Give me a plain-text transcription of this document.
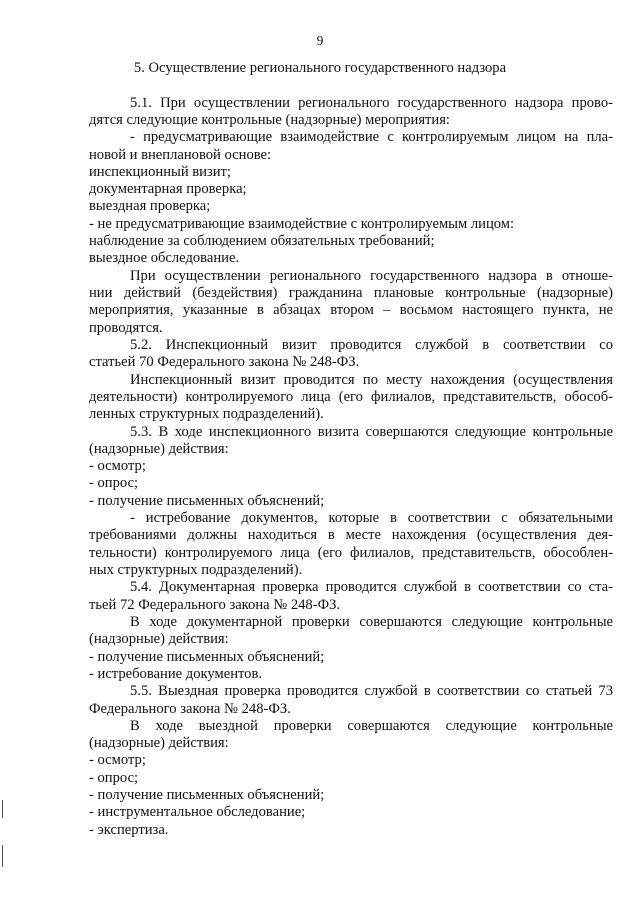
9
5. Осуществление регионального государственного надзора

5.1. При осуществлении регионального государственного надзора прово-

дятся следующие контрольные (надзорные) мероприятия:

- предусматривающие взаимодействие с контролируемым лицом на пла-

новой и внеплановой основе:

инспекционный визит;

документарная проверка;

выездная проверка;

- не предусматривающие взаимодействие с контролируемым лицом:

наблюдение за соблюдением обязательных требований;

выездное обследование.

При осуществлении регионального государственного надзора в отноше-

нии действий (бездействия) гражданина плановые контрольные (надзорные)

мероприятия, указанные в абзацах втором – восьмом настоящего пункта, не

проводятся.

5.2. Инспекционный визит проводится службой в соответствии со

статьей 70 Федерального закона № 248-ФЗ.

Инспекционный визит проводится по месту нахождения (осуществления

деятельности) контролируемого лица (его филиалов, представительств, обособ-

ленных структурных подразделений).

5.3. В ходе инспекционного визита совершаются следующие контрольные

(надзорные) действия:

- осмотр;

- опрос;

- получение письменных объяснений;

- истребование документов, которые в соответствии с обязательными

требованиями должны находиться в месте нахождения (осуществления дея-

тельности) контролируемого лица (его филиалов, представительств, обособлен-

ных структурных подразделений).

5.4. Документарная проверка проводится службой в соответствии со ста-

тьей 72 Федерального закона № 248-ФЗ.

В ходе документарной проверки совершаются следующие контрольные

(надзорные) действия:

- получение письменных объяснений;

- истребование документов.

5.5. Выездная проверка проводится службой в соответствии со статьей 73

Федерального закона № 248-ФЗ.

В ходе выездной проверки совершаются следующие контрольные

(надзорные) действия:

- осмотр;

- опрос;

- получение письменных объяснений;

- инструментальное обследование;

- экспертиза.
